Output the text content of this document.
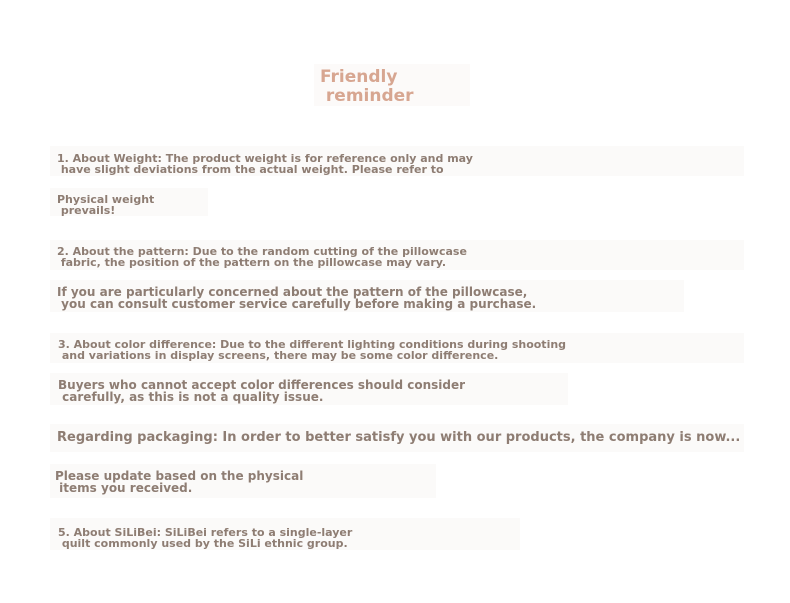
Friendly
reminder
1. About Weight: The product weight is for reference only and may
have slight deviations from the actual weight. Please refer to
Physical weight
prevails!
2. About the pattern: Due to the random cutting of the pillowcase
fabric, the position of the pattern on the pillowcase may vary.
If you are particularly concerned about the pattern of the pillowcase,
you can consult customer service carefully before making a purchase.
3. About color difference: Due to the different lighting conditions during shooting
and variations in display screens, there may be some color difference.
Buyers who cannot accept color differences should consider
carefully, as this is not a quality issue.
Regarding packaging: In order to better satisfy you with our products, the company is now...
Please update based on the physical
items you received.
5. About SiLiBei: SiLiBei refers to a single-layer
quilt commonly used by the SiLi ethnic group.
